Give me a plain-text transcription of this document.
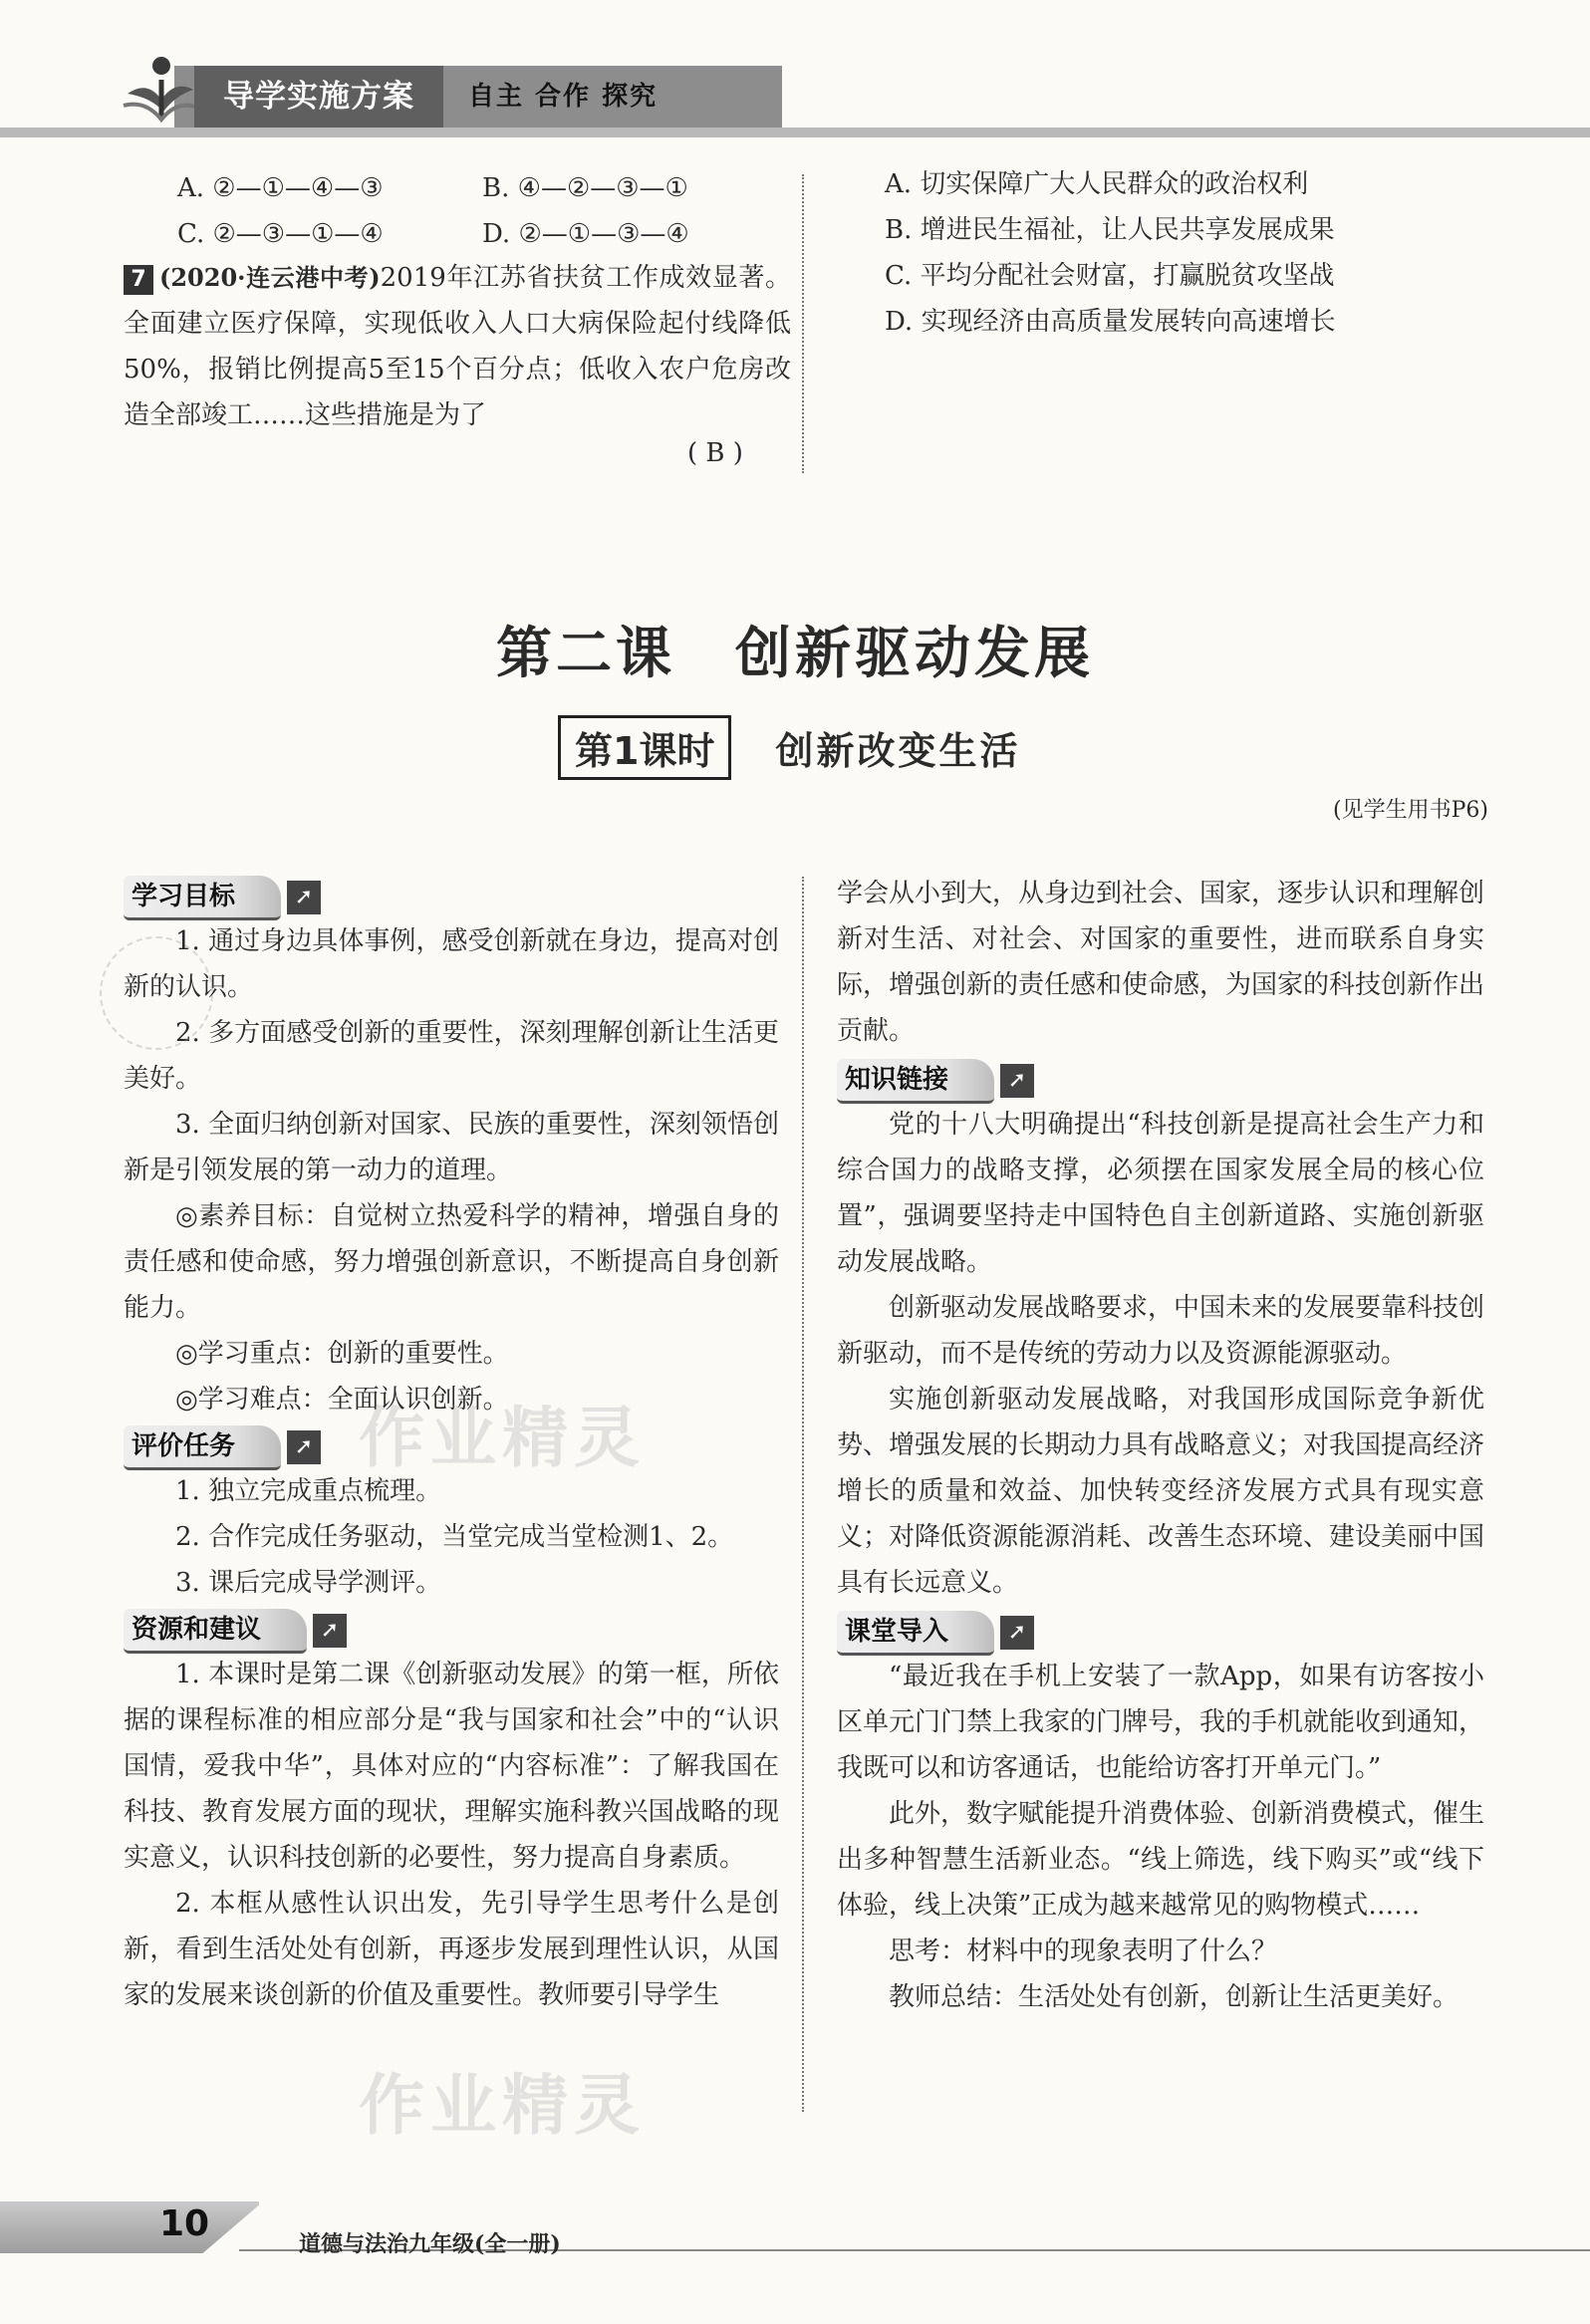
导学实施方案	自主 合作 探究
A. ②—①—④—③	B. ④—②—③—①
C. ②—③—①—④	D. ②—①—③—④
7 (2020·连云港中考)2019年江苏省扶贫工作成效显著。全面建立医疗保障，实现低收入人口大病保险起付线降低50%，报销比例提高5至15个百分点；低收入农户危房改造全部竣工……这些措施是为了
( B )
A. 切实保障广大人民群众的政治权利
B. 增进民生福祉，让人民共享发展成果
C. 平均分配社会财富，打赢脱贫攻坚战
D. 实现经济由高质量发展转向高速增长
第二课　创新驱动发展
第1课时	创新改变生活
(见学生用书P6)
学习目标	➚

1. 通过身边具体事例，感受创新就在身边，提高对创新的认识。

2. 多方面感受创新的重要性，深刻理解创新让生活更美好。

3. 全面归纳创新对国家、民族的重要性，深刻领悟创新是引领发展的第一动力的道理。

◎素养目标：自觉树立热爱科学的精神，增强自身的责任感和使命感，努力增强创新意识，不断提高自身创新能力。

◎学习重点：创新的重要性。

◎学习难点：全面认识创新。

评价任务	➚

1. 独立完成重点梳理。

2. 合作完成任务驱动，当堂完成当堂检测1、2。

3. 课后完成导学测评。

资源和建议	➚

1. 本课时是第二课《创新驱动发展》的第一框，所依据的课程标准的相应部分是“我与国家和社会”中的“认识国情，爱我中华”，具体对应的“内容标准”：了解我国在科技、教育发展方面的现状，理解实施科教兴国战略的现实意义，认识科技创新的必要性，努力提高自身素质。

2. 本框从感性认识出发，先引导学生思考什么是创新，看到生活处处有创新，再逐步发展到理性认识，从国家的发展来谈创新的价值及重要性。教师要引导学生

学会从小到大，从身边到社会、国家，逐步认识和理解创新对生活、对社会、对国家的重要性，进而联系自身实际，增强创新的责任感和使命感，为国家的科技创新作出贡献。

知识链接	➚

党的十八大明确提出“科技创新是提高社会生产力和综合国力的战略支撑，必须摆在国家发展全局的核心位置”，强调要坚持走中国特色自主创新道路、实施创新驱动发展战略。

创新驱动发展战略要求，中国未来的发展要靠科技创新驱动，而不是传统的劳动力以及资源能源驱动。

实施创新驱动发展战略，对我国形成国际竞争新优势、增强发展的长期动力具有战略意义；对我国提高经济增长的质量和效益、加快转变经济发展方式具有现实意义；对降低资源能源消耗、改善生态环境、建设美丽中国具有长远意义。

课堂导入	➚

“最近我在手机上安装了一款App，如果有访客按小区单元门门禁上我家的门牌号，我的手机就能收到通知，我既可以和访客通话，也能给访客打开单元门。”

此外，数字赋能提升消费体验、创新消费模式，催生出多种智慧生活新业态。“线上筛选，线下购买”或“线下体验，线上决策”正成为越来越常见的购物模式……

思考：材料中的现象表明了什么？

教师总结：生活处处有创新，创新让生活更美好。

作业精灵
作业精灵
10	道德与法治九年级(全一册)
